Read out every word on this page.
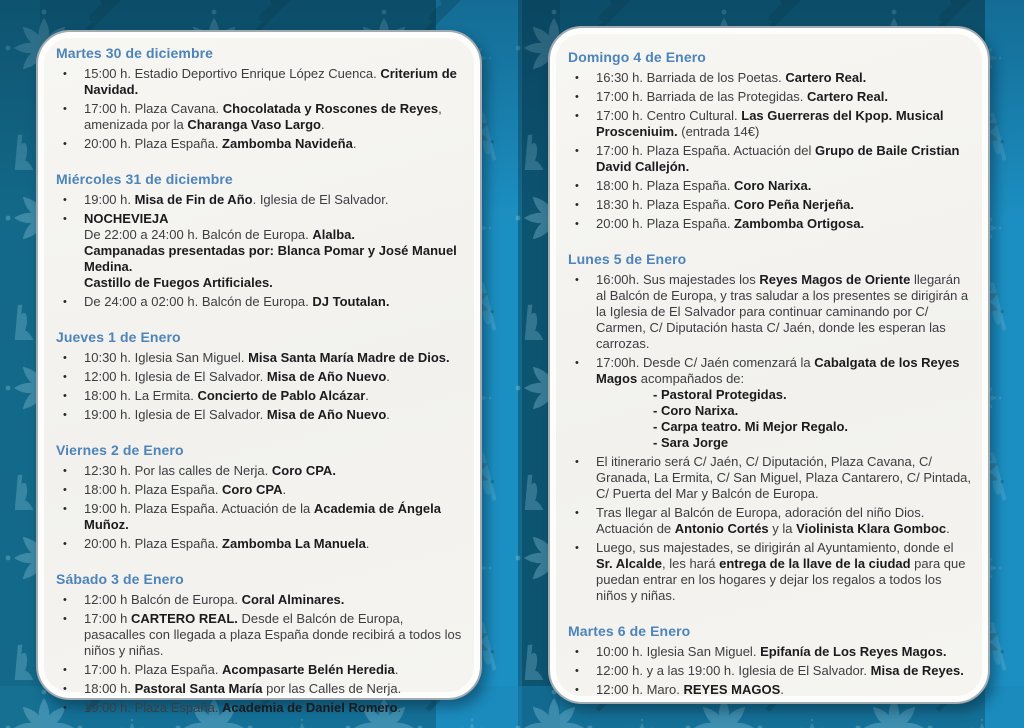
Martes 30 de diciembre
•	15:00 h. Estadio Deportivo Enrique López Cuenca. Criterium de Navidad.
•	17:00 h. Plaza Cavana. Chocolatada y Roscones de Reyes, amenizada por la Charanga Vaso Largo.
•	20:00 h. Plaza España. Zambomba Navideña.
Miércoles 31 de diciembre
•	19:00 h. Misa de Fin de Año. Iglesia de El Salvador.
•	NOCHEVIEJA
De 22:00 a 24:00 h. Balcón de Europa. Alalba.
Campanadas presentadas por: Blanca Pomar y José Manuel Medina.
Castillo de Fuegos Artificiales.
•	De 24:00 a 02:00 h. Balcón de Europa. DJ Toutalan.
Jueves 1 de Enero
•	10:30 h. Iglesia San Miguel. Misa Santa María Madre de Dios.
•	12:00 h. Iglesia de El Salvador. Misa de Año Nuevo.
•	18:00 h. La Ermita. Concierto de Pablo Alcázar.
•	19:00 h. Iglesia de El Salvador. Misa de Año Nuevo.
Viernes 2 de Enero
•	12:30 h. Por las calles de Nerja. Coro CPA.
•	18:00 h. Plaza España. Coro CPA.
•	19:00 h. Plaza España. Actuación de la Academia de Ángela Muñoz.
•	20:00 h. Plaza España. Zambomba La Manuela.
Sábado 3 de Enero
•	12:00 h Balcón de Europa. Coral Alminares.
•	17:00 h CARTERO REAL. Desde el Balcón de Europa, pasacalles con llegada a plaza España donde recibirá a todos los niños y niñas.
•	17:00 h. Plaza España. Acompasarte Belén Heredia.
•	18:00 h. Pastoral Santa María por las Calles de Nerja.
•	19:00 h. Plaza España. Academia de Daniel Romero.
Domingo 4 de Enero
•	16:30 h. Barriada de los Poetas. Cartero Real.
•	17:00 h. Barriada de las Protegidas. Cartero Real.
•	17:00 h. Centro Cultural. Las Guerreras del Kpop. Musical Prosceniuim. (entrada 14€)
•	17:00 h. Plaza España. Actuación del Grupo de Baile Cristian David Callejón.
•	18:00 h. Plaza España. Coro Narixa.
•	18:30 h. Plaza España. Coro Peña Nerjeña.
•	20:00 h. Plaza España. Zambomba Ortigosa.
Lunes 5 de Enero
•	16:00h. Sus majestades los Reyes Magos de Oriente llegarán al Balcón de Europa, y tras saludar a los presentes se dirigirán a la Iglesia de El Salvador para continuar caminando por C/ Carmen, C/ Diputación hasta C/ Jaén, donde les esperan las carrozas.
•	17:00h. Desde C/ Jaén comenzará la Cabalgata de los Reyes Magos acompañados de:
- Pastoral Protegidas.
- Coro Narixa.
- Carpa teatro. Mi Mejor Regalo.
- Sara Jorge
•	El itinerario será C/ Jaén, C/ Diputación, Plaza Cavana, C/ Granada, La Ermita, C/ San Miguel, Plaza Cantarero, C/ Pintada, C/ Puerta del Mar y Balcón de Europa.
•	Tras llegar al Balcón de Europa, adoración del niño Dios. Actuación de Antonio Cortés y la Violinista Klara Gomboc.
•	Luego, sus majestades, se dirigirán al Ayuntamiento, donde el Sr. Alcalde, les hará entrega de la llave de la ciudad para que puedan entrar en los hogares y dejar los regalos a todos los niños y niñas.
Martes 6 de Enero
•	10:00 h. Iglesia San Miguel. Epifanía de Los Reyes Magos.
•	12:00 h. y a las 19:00 h. Iglesia de El Salvador. Misa de Reyes.
•	12:00 h. Maro. REYES MAGOS.
